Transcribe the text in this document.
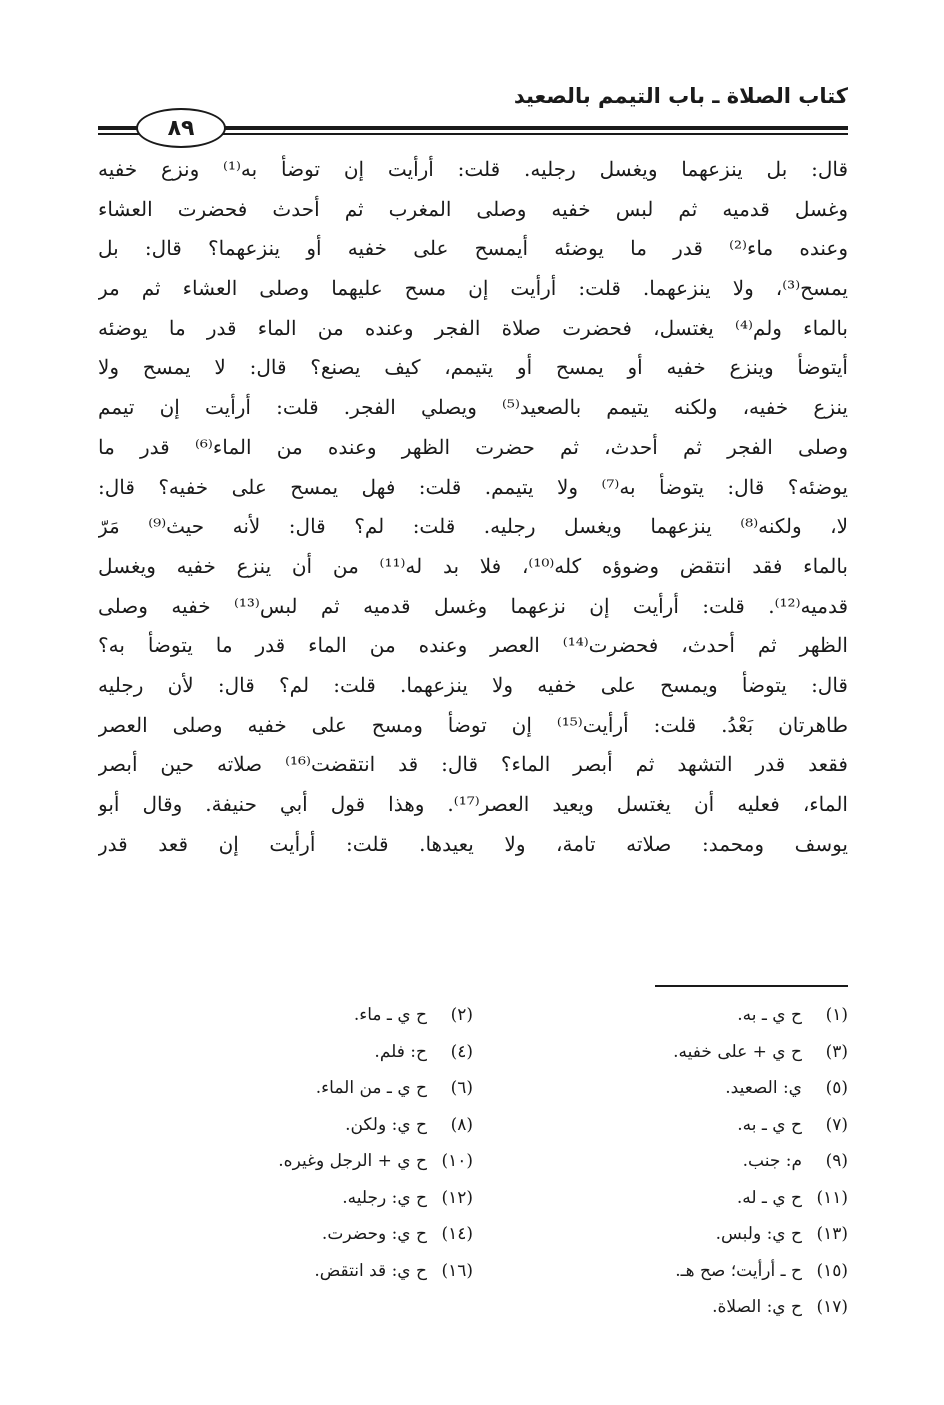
كتاب الصلاة ـ باب التيمم بالصعيد
٨٩
قال: بل ينزعهما ويغسل رجليه. قلت: أرأيت إن توضأ به⁽¹⁾ ونزع خفيه
وغسل قدميه ثم لبس خفيه وصلى المغرب ثم أحدث فحضرت العشاء
وعنده ماء⁽²⁾ قدر ما يوضئه أيمسح على خفيه أو ينزعهما؟ قال: بل
يمسح⁽³⁾، ولا ينزعهما. قلت: أرأيت إن مسح عليهما وصلى العشاء ثم مر
بالماء ولم⁽⁴⁾ يغتسل، فحضرت صلاة الفجر وعنده من الماء قدر ما يوضئه
أيتوضأ وينزع خفيه أو يمسح أو يتيمم، كيف يصنع؟ قال: لا يمسح ولا
ينزع خفيه، ولكنه يتيمم بالصعيد⁽⁵⁾ ويصلي الفجر. قلت: أرأيت إن تيمم
وصلى الفجر ثم أحدث، ثم حضرت الظهر وعنده من الماء⁽⁶⁾ قدر ما
يوضئه؟ قال: يتوضأ به⁽⁷⁾ ولا يتيمم. قلت: فهل يمسح على خفيه؟ قال:
لا، ولكنه⁽⁸⁾ ينزعهما ويغسل رجليه. قلت: لم؟ قال: لأنه حيث⁽⁹⁾ مَرّ
بالماء فقد انتقض وضوؤه كله⁽¹⁰⁾، فلا بد له⁽¹¹⁾ من أن ينزع خفيه ويغسل
قدميه⁽¹²⁾. قلت: أرأيت إن نزعهما وغسل قدميه ثم لبس⁽¹³⁾ خفيه وصلى
الظهر ثم أحدث، فحضرت⁽¹⁴⁾ العصر وعنده من الماء قدر ما يتوضأ به؟
قال: يتوضأ ويمسح على خفيه ولا ينزعهما. قلت: لم؟ قال: لأن رجليه
طاهرتان بَعْدُ. قلت: أرأيت⁽¹⁵⁾ إن توضأ ومسح على خفيه وصلى العصر
فقعد قدر التشهد ثم أبصر الماء؟ قال: قد انتقضت⁽¹⁶⁾ صلاته حين أبصر
الماء، فعليه أن يغتسل ويعيد العصر⁽¹⁷⁾. وهذا قول أبي حنيفة. وقال أبو
يوسف ومحمد: صلاته تامة، ولا يعيدها. قلت: أرأيت إن قعد قدر
(١)ح ي ـ به.
(٢)ح ي ـ ماء.
(٣)ح ي + على خفيه.
(٤)ح: فلم.
(٥)ي: الصعيد.
(٦)ح ي ـ من الماء.
(٧)ح ي ـ به.
(٨)ح ي: ولكن.
(٩)م: جنب.
(١٠)ح ي + الرجل وغيره.
(١١)ح ي ـ له.
(١٢)ح ي: رجليه.
(١٣)ح ي: ولبس.
(١٤)ح ي: وحضرت.
(١٥)ح ـ أرأيت؛ صح هـ.
(١٦)ح ي: قد انتقض.
(١٧)ح ي: الصلاة.
